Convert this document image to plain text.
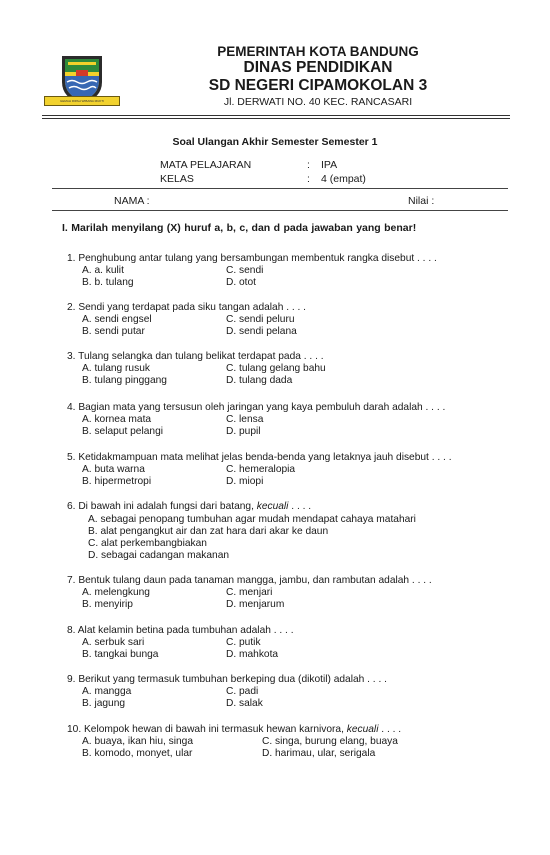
GEMAH RIPAH WIBAWA MUKTI
PEMERINTAH KOTA BANDUNG
DINAS PENDIDIKAN
SD NEGERI CIPAMOKOLAN 3
Jl. DERWATI NO. 40 KEC. RANCASARI
Soal Ulangan Akhir Semester Semester 1
MATA PELAJARAN	: IPA
KELAS	: 4 (empat)
NAMA :	Nilai :
I. Marilah menyilang (X) huruf a, b, c, dan d pada jawaban yang benar!
1. Penghubung antar tulang yang bersambungan membentuk rangka disebut . . . .
A. a. kulit	C. sendi
B. b. tulang	D. otot
2. Sendi yang terdapat pada siku tangan adalah . . . .
A. sendi engsel	C. sendi peluru
B. sendi putar	D. sendi pelana
3. Tulang selangka dan tulang belikat terdapat pada . . . .
A. tulang rusuk	C. tulang gelang bahu
B. tulang pinggang	D. tulang dada
4. Bagian mata yang tersusun oleh jaringan yang kaya pembuluh darah adalah . . . .
A. kornea mata	C. lensa
B. selaput pelangi	D. pupil
5. Ketidakmampuan mata melihat jelas benda-benda yang letaknya jauh disebut . . . .
A. buta warna	C. hemeralopia
B. hipermetropi	D. miopi
6. Di bawah ini adalah fungsi dari batang, kecuali . . . .
A. sebagai penopang tumbuhan agar mudah mendapat cahaya matahari
B. alat pengangkut air dan zat hara dari akar ke daun
C. alat perkembangbiakan
D. sebagai cadangan makanan
7. Bentuk tulang daun pada tanaman mangga, jambu, dan rambutan adalah . . . .
A. melengkung	C. menjari
B. menyirip	D. menjarum
8. Alat kelamin betina pada tumbuhan adalah . . . .
A. serbuk sari	C. putik
B. tangkai bunga	D. mahkota
9. Berikut yang termasuk tumbuhan berkeping dua (dikotil) adalah . . . .
A. mangga	C. padi
B. jagung	D. salak
10. Kelompok hewan di bawah ini termasuk hewan karnivora, kecuali . . . .
A. buaya, ikan hiu, singa	C. singa, burung elang, buaya
B. komodo, monyet, ular	D. harimau, ular, serigala
